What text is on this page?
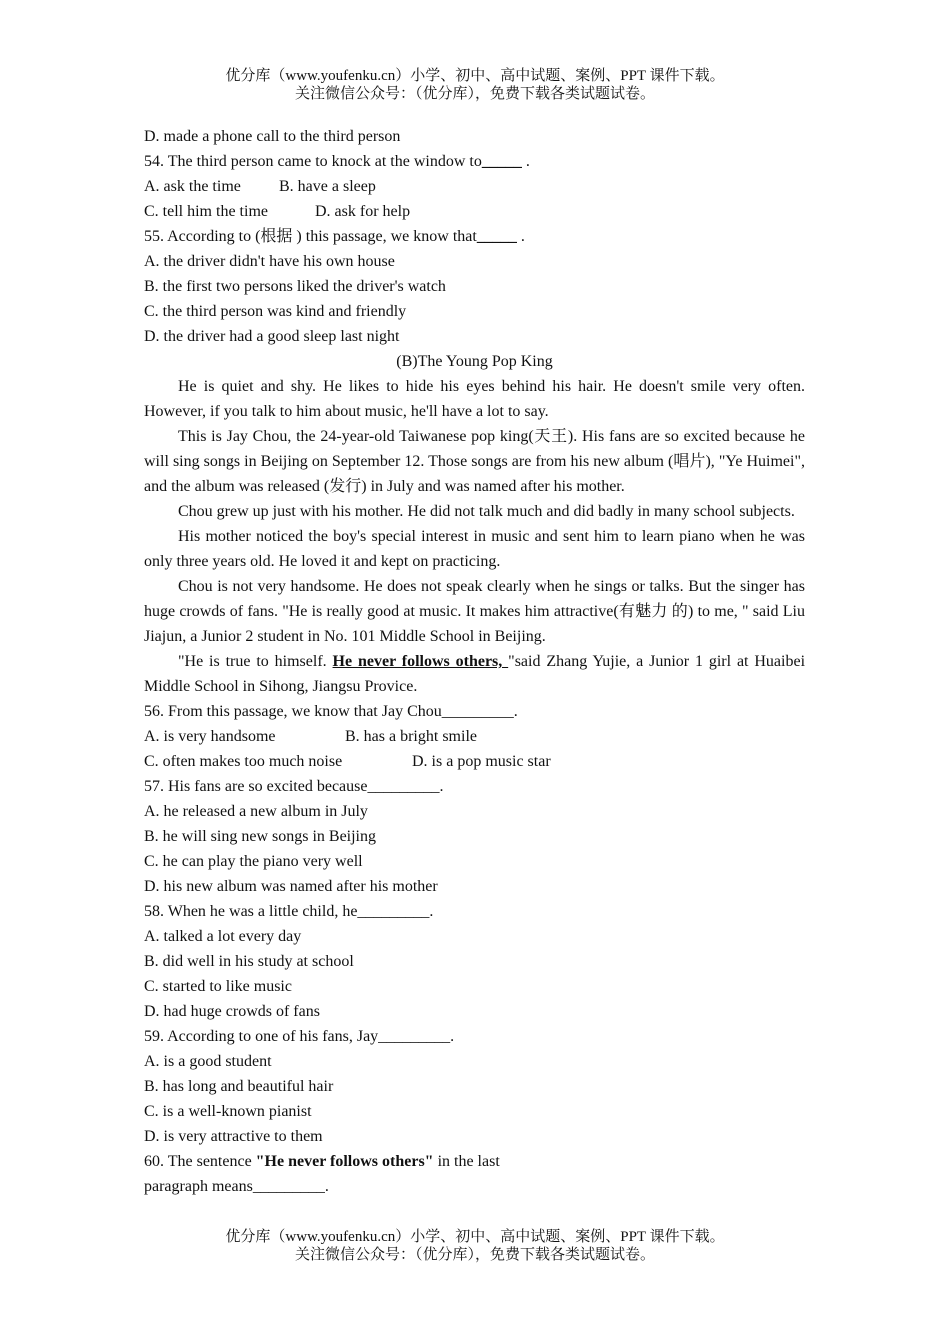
优分库（www.youfenku.cn）小学、初中、高中试题、案例、PPT 课件下载。
关注微信公众号：（优分库），免费下载各类试题试卷。
D. made a phone call to the third person
54. The third person came to knock at the window to_____ .
A. ask the time B. have a sleep
C. tell him the time	D. ask for help
55. According to (根据 ) this passage, we know that_____ .
A. the driver didn't have his own house
B. the first two persons liked the driver's watch
C. the third person was kind and friendly
D. the driver had a good sleep last night
(B)The Young Pop King
He is quiet and shy. He likes to hide his eyes behind his hair. He doesn't smile very often. However, if you talk to him about music, he'll have a lot to say.
This is Jay Chou, the 24-year-old Taiwanese pop king(天王). His fans are so excited because he will sing songs in Beijing on September 12. Those songs are from his new album (唱片), "Ye Huimei", and the album was released (发行) in July and was named after his mother.
Chou grew up just with his mother. He did not talk much and did badly in many school subjects.
His mother noticed the boy's special interest in music and sent him to learn piano when he was only three years old. He loved it and kept on practicing.
Chou is not very handsome. He does not speak clearly when he sings or talks. But the singer has huge crowds of fans. "He is really good at music. It makes him attractive(有魅力 的) to me, " said Liu Jiajun, a Junior 2 student in No. 101 Middle School in Beijing.
"He is true to himself. He never follows others, "said Zhang Yujie, a Junior 1 girl at Huaibei Middle School in Sihong, Jiangsu Provice.
56. From this passage, we know that Jay Chou_________.
A. is very handsome	B. has a bright smile
C. often makes too much noise	D. is a pop music star
57. His fans are so excited because_________.
A. he released a new album in July
B. he will sing new songs in Beijing
C. he can play the piano very well
D. his new album was named after his mother
58. When he was a little child, he_________.
A. talked a lot every day
B. did well in his study at school
C. started to like music
D. had huge crowds of fans
59. According to one of his fans, Jay_________.
A. is a good student
B. has long and beautiful hair
C. is a well-known pianist
D. is very attractive to them
60. The sentence "He never follows others" in the last
paragraph means_________.
优分库（www.youfenku.cn）小学、初中、高中试题、案例、PPT 课件下载。
关注微信公众号：（优分库），免费下载各类试题试卷。
